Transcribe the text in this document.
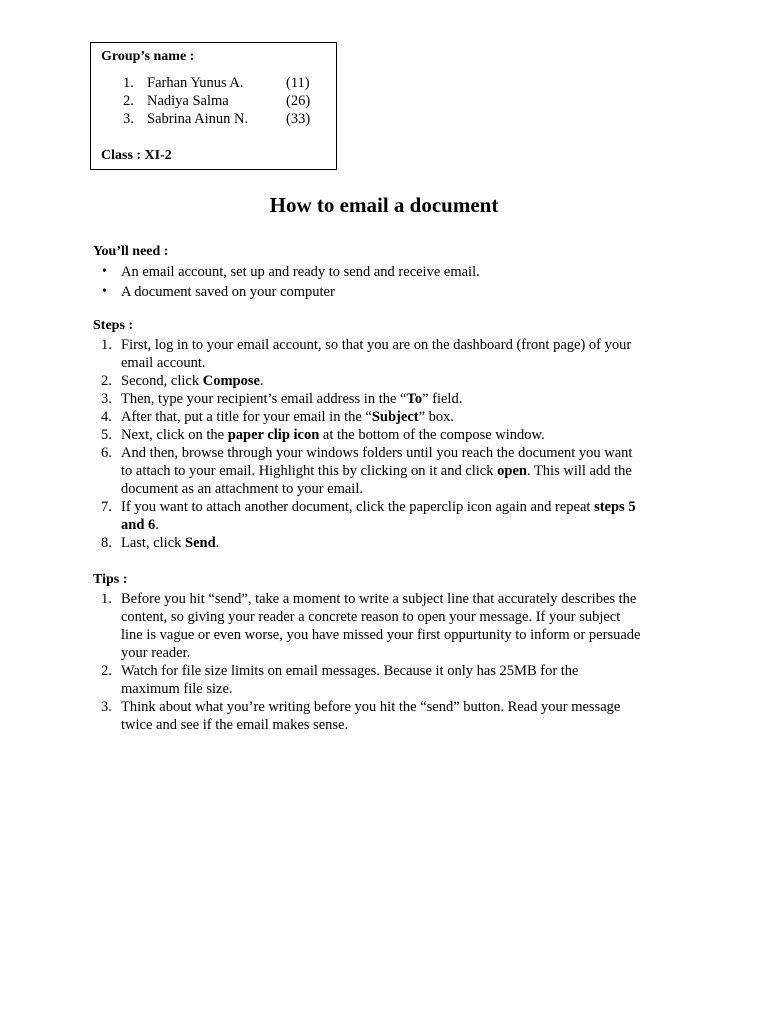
Group’s name :
1. Farhan Yunus A.	(11)
2. Nadiya Salma	(26)
3. Sabrina Ainun N.	(33)
Class : XI-2
How to email a document
You’ll need :
• An email account, set up and ready to send and receive email.
• A document saved on your computer
Steps :
1. First, log in to your email account, so that you are on the dashboard (front page) of your
email account.
2. Second, click Compose.
3. Then, type your recipient’s email address in the “To” field.
4. After that, put a title for your email in the “Subject” box.
5. Next, click on the paper clip icon at the bottom of the compose window.
6. And then, browse through your windows folders until you reach the document you want
to attach to your email. Highlight this by clicking on it and click open. This will add the
document as an attachment to your email.
7. If you want to attach another document, click the paperclip icon again and repeat steps 5
and 6.
8. Last, click Send.
Tips :
1. Before you hit “send”, take a moment to write a subject line that accurately describes the
content, so giving your reader a concrete reason to open your message. If your subject
line is vague or even worse, you have missed your first oppurtunity to inform or persuade
your reader.
2. Watch for file size limits on email messages. Because it only has 25MB for the
maximum file size.
3. Think about what you’re writing before you hit the “send” button. Read your message
twice and see if the email makes sense.
